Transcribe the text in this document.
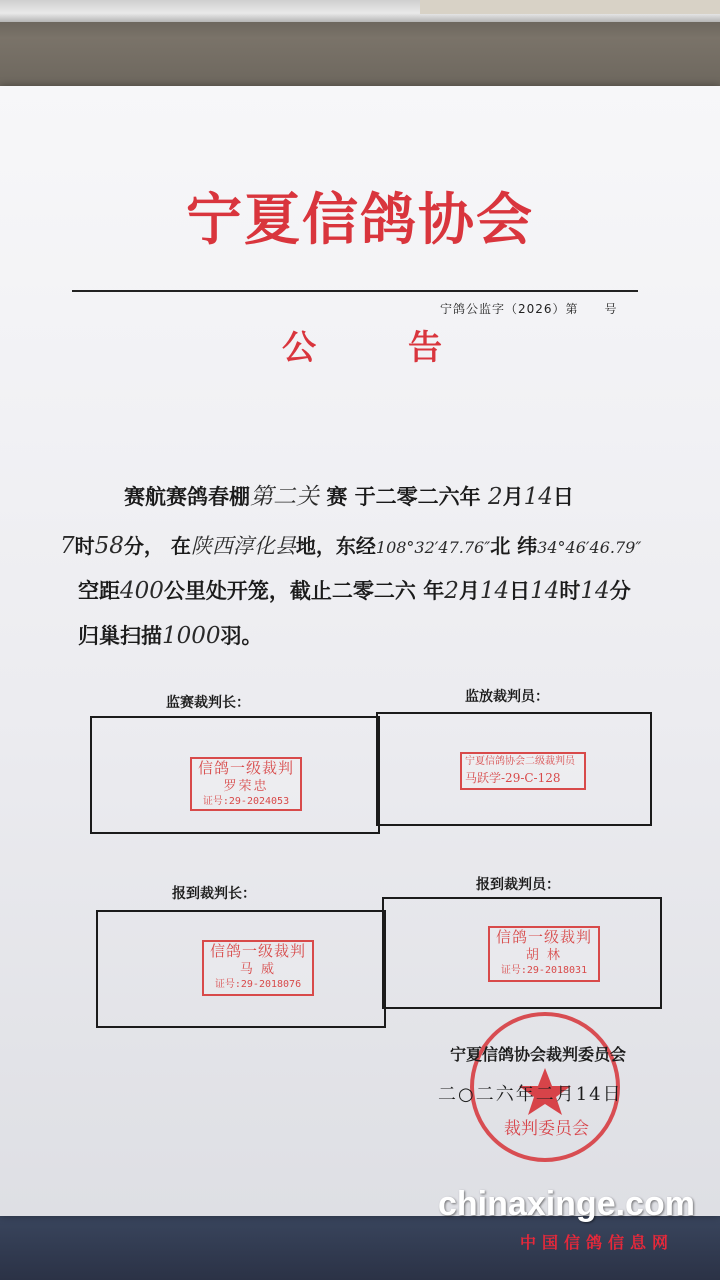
宁夏信鸽协会
宁鸽公监字（2026）第　　号
公	告
赛航赛鸽春棚第二关 赛 于二零二六年 2月14日
7时58分， 在陕西淳化县地，东经108°32′47.76″北 纬34°46′46.79″
空距400公里处开笼，截止二零二六 年2月14日14时14分
归巢扫描1000羽。
监赛裁判长：	监放裁判员：
信鸽一级裁判
罗荣忠
证号:29-2024053
宁夏信鸽协会二级裁判员
马跃学-29-C-128
报到裁判长：
报到裁判员：
信鸽一级裁判
马 威
证号:29-2018076
信鸽一级裁判
胡 林
证号:29-2018031
裁判委员会
宁夏信鸽协会裁判委员会
二○二六年二月14日
chinaxinge.com
中国信鸽信息网
